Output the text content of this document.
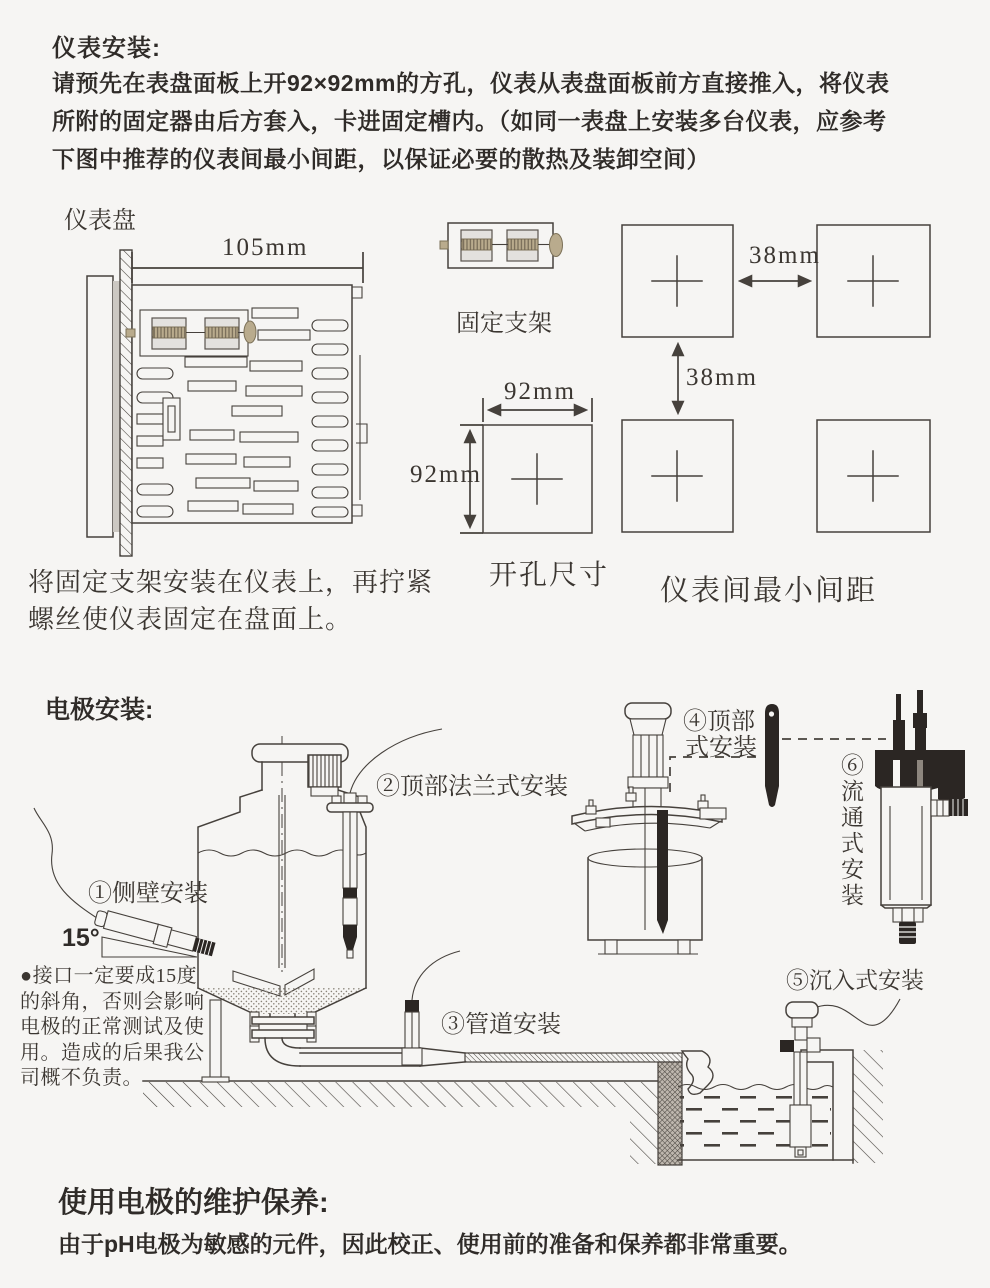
仪表安装:
请预先在表盘面板上开92×92mm的方孔，仪表从表盘面板前方直接推入，将仪表
所附的固定器由后方套入，卡进固定槽内。（如同一表盘上安装多台仪表，应参考
下图中推荐的仪表间最小间距，以保证必要的散热及装卸空间）
仪表盘
105mm
固定支架
92mm
92mm
开孔尺寸
38mm
38mm
仪表间最小间距
将固定支架安装在仪表上，再拧紧
螺丝使仪表固定在盘面上。
电极安装:
①侧壁安装
15°
②顶部法兰式安装
③管道安装
④顶部
式安装
⑤沉入式安装
⑥流通式安装
●接口一定要成15度
的斜角，否则会影响
电极的正常测试及使
用。造成的后果我公
司概不负责。
使用电极的维护保养:
由于pH电极为敏感的元件，因此校正、使用前的准备和保养都非常重要。
